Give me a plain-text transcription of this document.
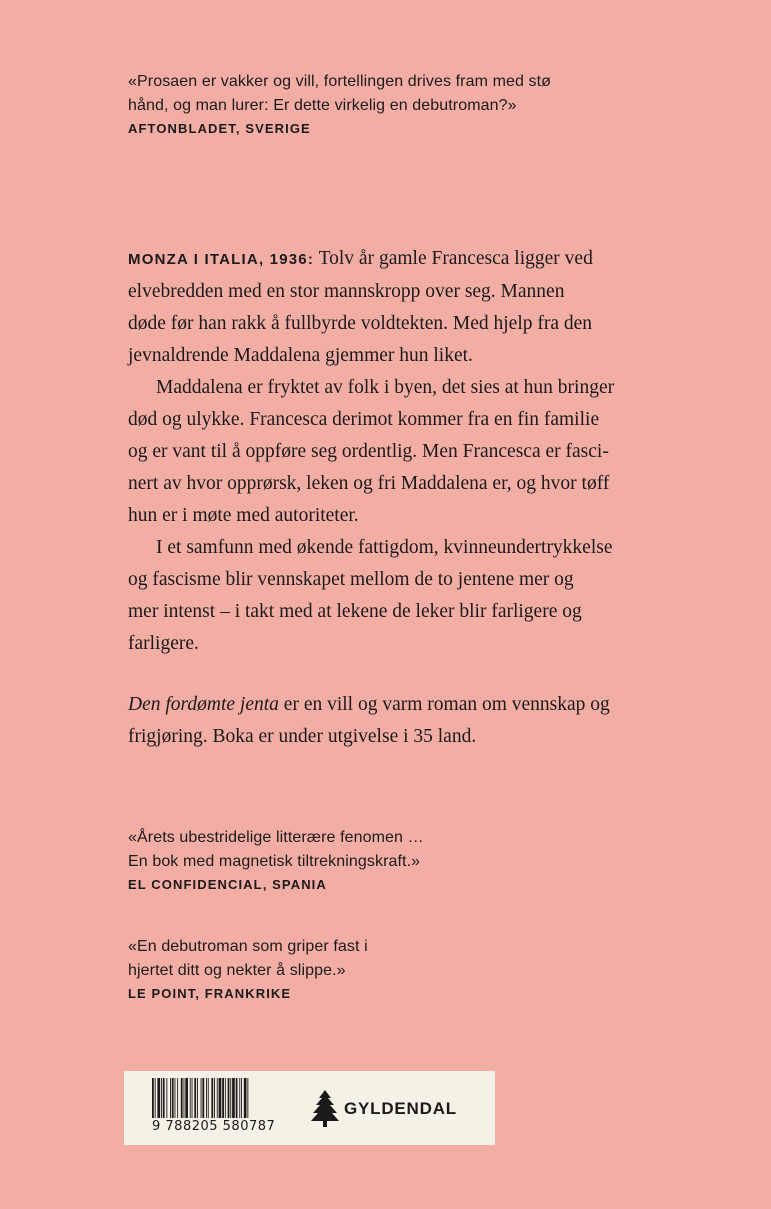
«Prosaen er vakker og vill, fortellingen drives fram med stø
hånd, og man lurer: Er dette virkelig en debutroman?»
AFTONBLADET, SVERIGE
MONZA I ITALIA, 1936: Tolv år gamle Francesca ligger ved
elvebredden med en stor mannskropp over seg. Mannen
døde før han rakk å fullbyrde voldtekten. Med hjelp fra den
jevnaldrende Maddalena gjemmer hun liket.
Maddalena er fryktet av folk i byen, det sies at hun bringer
død og ulykke. Francesca derimot kommer fra en fin familie
og er vant til å oppføre seg ordentlig. Men Francesca er fasci-
nert av hvor opprørsk, leken og fri Maddalena er, og hvor tøff
hun er i møte med autoriteter.
I et samfunn med økende fattigdom, kvinneundertrykkelse
og fascisme blir vennskapet mellom de to jentene mer og
mer intenst – i takt med at lekene de leker blir farligere og
farligere.
Den fordømte jenta er en vill og varm roman om vennskap og
frigjøring. Boka er under utgivelse i 35 land.
«Årets ubestridelige litterære fenomen …
En bok med magnetisk tiltrekningskraft.»
EL CONFIDENCIAL, SPANIA
«En debutroman som griper fast i
hjertet ditt og nekter å slippe.»
LE POINT, FRANKRIKE
9 788205 580787
GYLDENDAL
